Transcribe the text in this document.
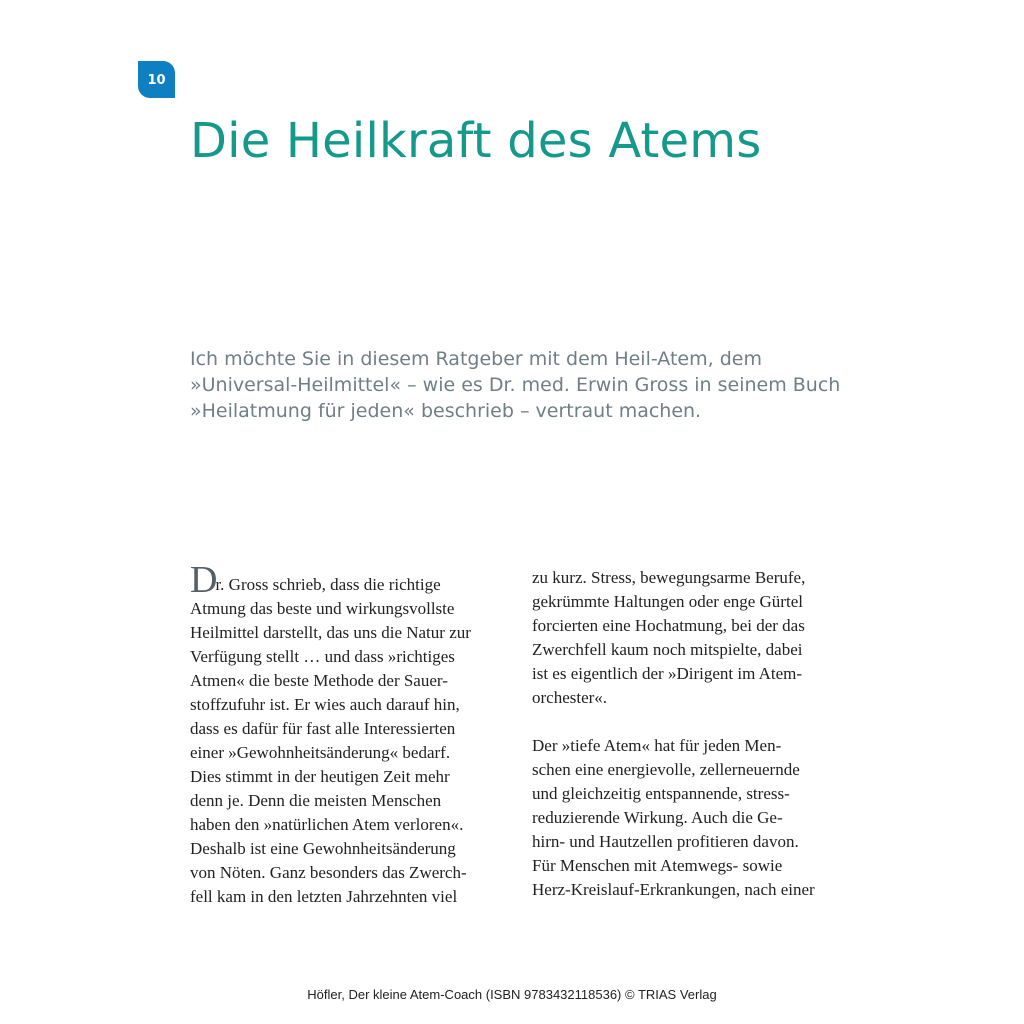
10
Die Heilkraft des Atems
Ich möchte Sie in diesem Ratgeber mit dem Heil-Atem, dem
»Universal-Heilmittel« – wie es Dr. med. Erwin Gross in seinem Buch
»Heilatmung für jeden« beschrieb – vertraut machen.
Dr. Gross schrieb, dass die richtige
Atmung das beste und wirkungsvollste
Heilmittel darstellt, das uns die Natur zur
Verfügung stellt … und dass »richtiges
Atmen« die beste Methode der Sauer-
stoffzufuhr ist. Er wies auch darauf hin,
dass es dafür für fast alle Interessierten
einer »Gewohnheitsänderung« bedarf.
Dies stimmt in der heutigen Zeit mehr
denn je. Denn die meisten Menschen
haben den »natürlichen Atem verloren«.
Deshalb ist eine Gewohnheitsänderung
von Nöten. Ganz besonders das Zwerch-
fell kam in den letzten Jahrzehnten viel
zu kurz. Stress, bewegungsarme Berufe,
gekrümmte Haltungen oder enge Gürtel
forcierten eine Hochatmung, bei der das
Zwerchfell kaum noch mitspielte, dabei
ist es eigentlich der »Dirigent im Atem-
orchester«.
Der »tiefe Atem« hat für jeden Men-
schen eine energievolle, zellerneuernde
und gleichzeitig entspannende, stress-
reduzierende Wirkung. Auch die Ge-
hirn- und Hautzellen profitieren davon.
Für Menschen mit Atemwegs- sowie
Herz-Kreislauf-Erkrankungen, nach einer
Höfler, Der kleine Atem-Coach (ISBN 9783432118536) © TRIAS Verlag
